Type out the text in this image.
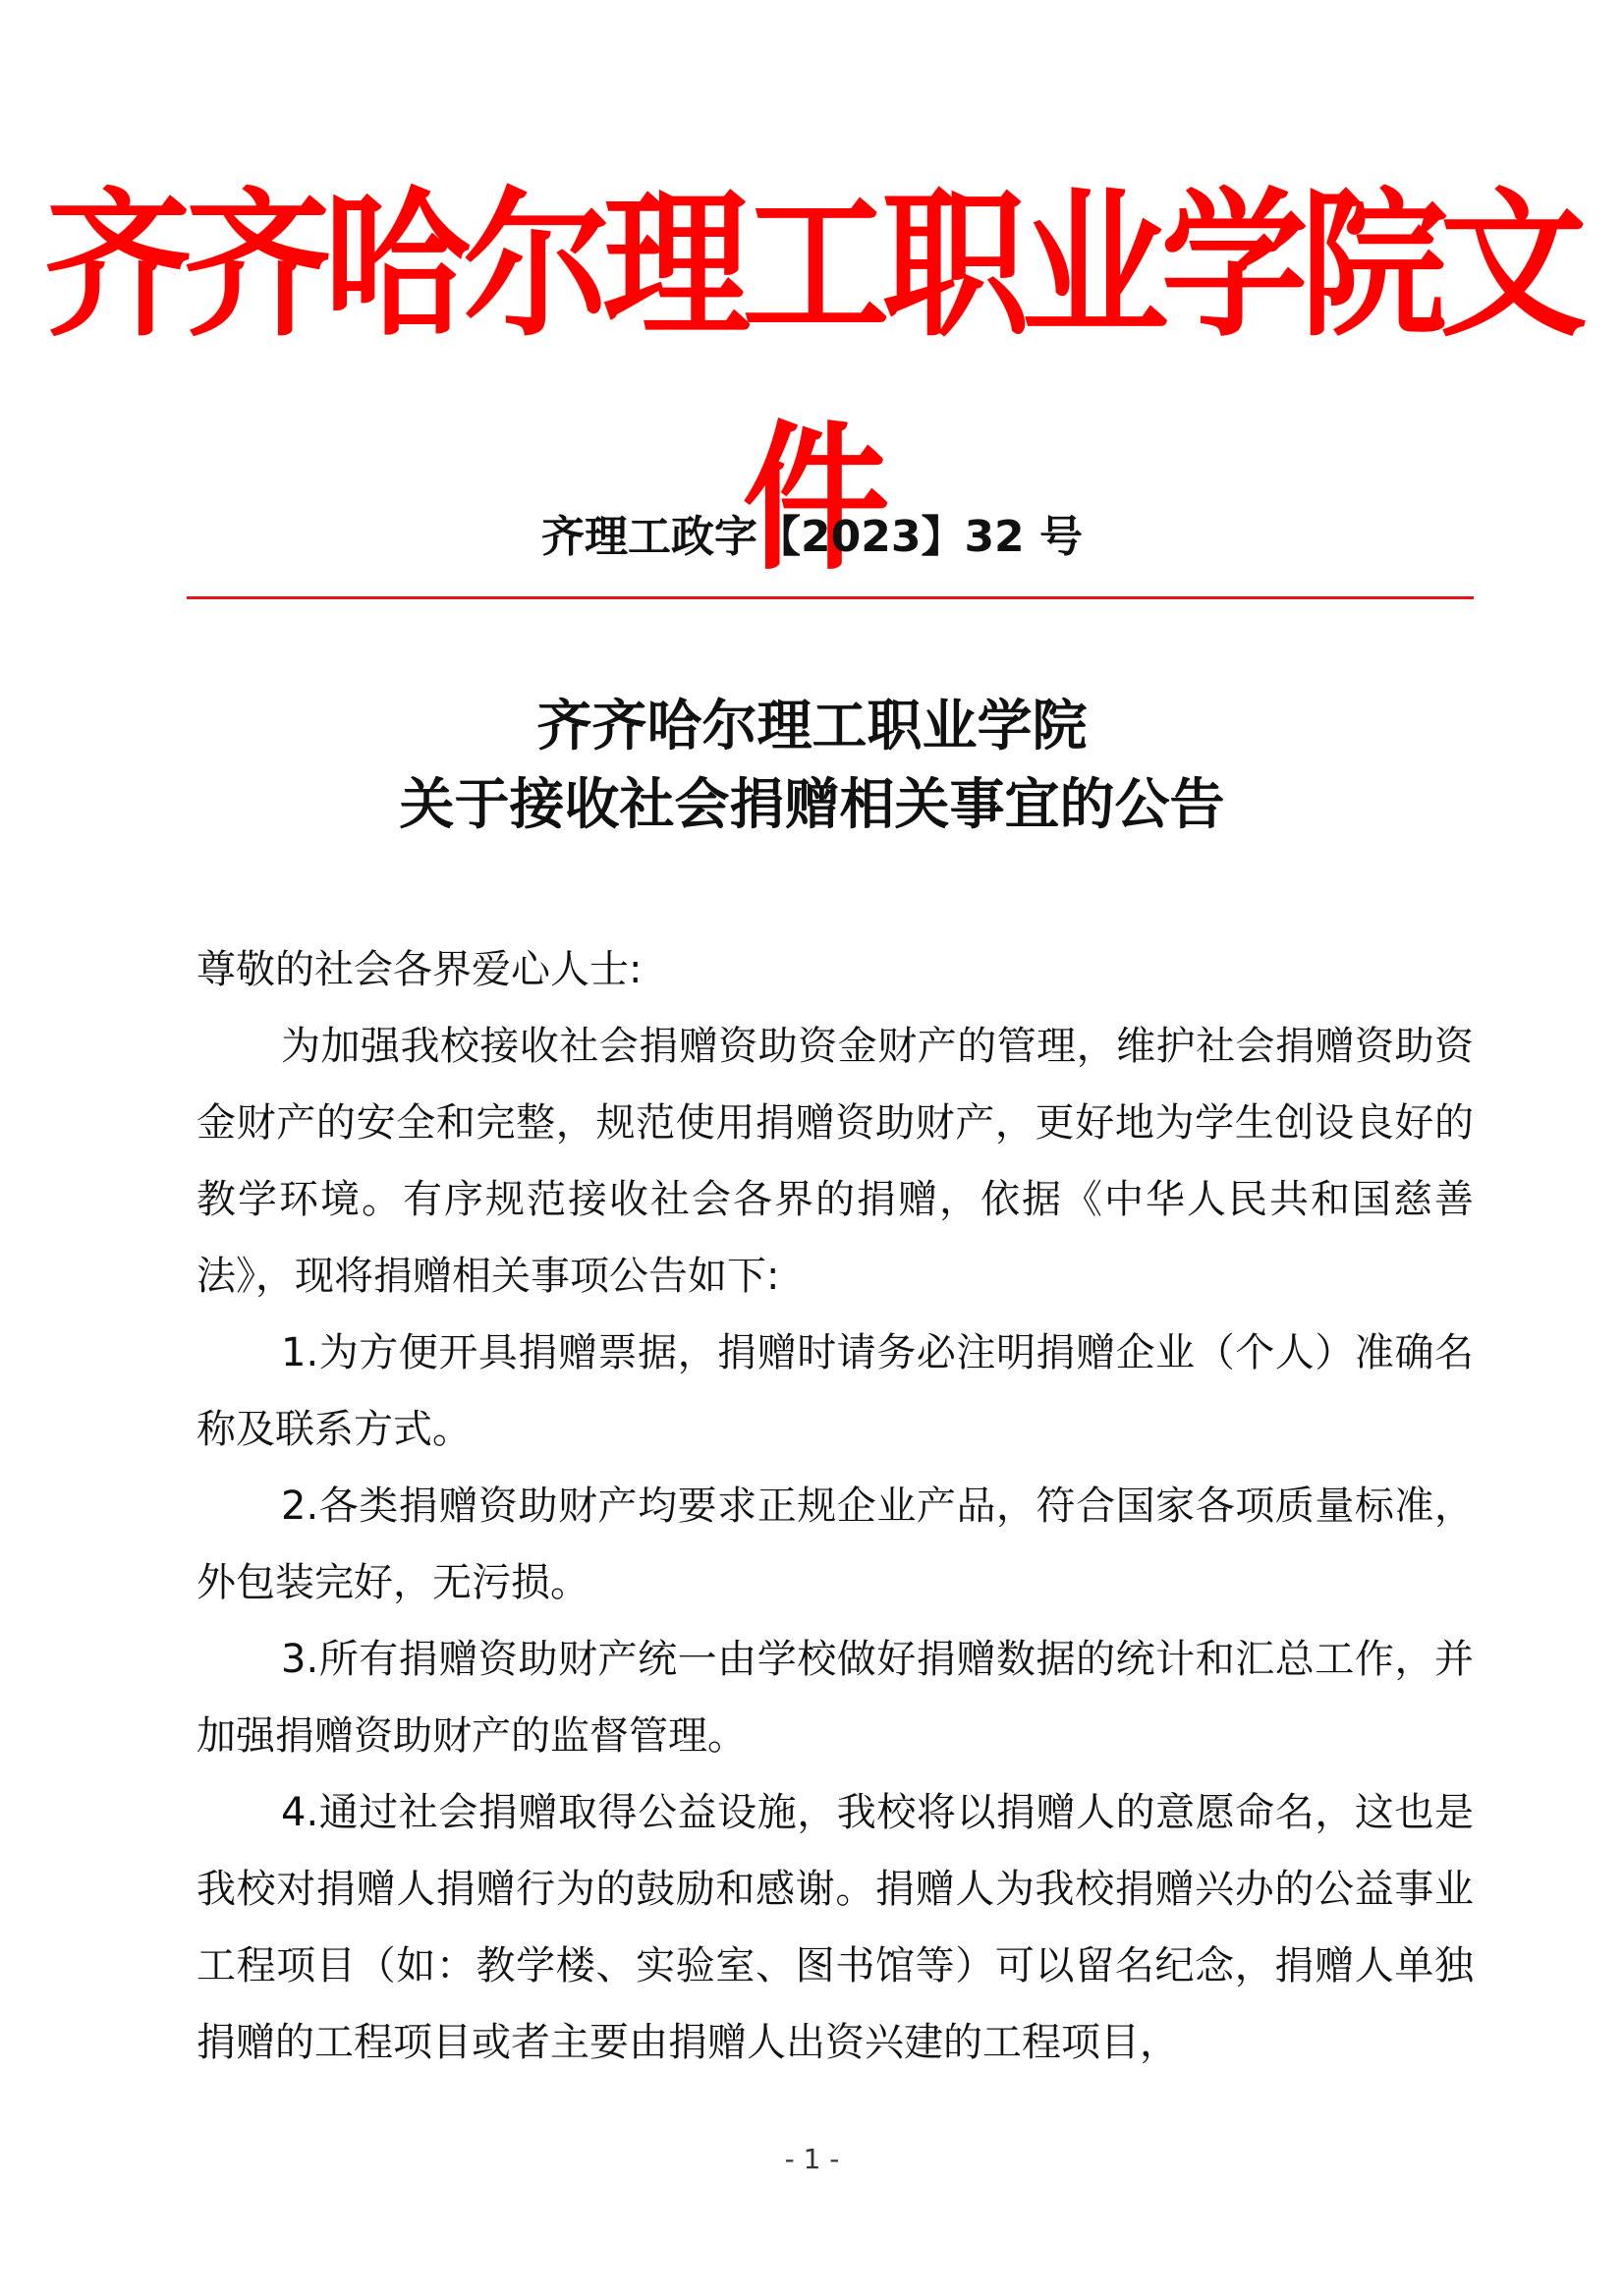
齐齐哈尔理工职业学院文件
齐理工政字【2023】32 号
齐齐哈尔理工职业学院
关于接收社会捐赠相关事宜的公告

尊敬的社会各界爱心人士:

为加强我校接收社会捐赠资助资金财产的管理，维护社会捐赠资助资金财产的安全和完整，规范使用捐赠资助财产，更好地为学生创设良好的教学环境。有序规范接收社会各界的捐赠，依据《中华人民共和国慈善法》，现将捐赠相关事项公告如下:

1.为方便开具捐赠票据，捐赠时请务必注明捐赠企业（个人）准确名称及联系方式。

2.各类捐赠资助财产均要求正规企业产品，符合国家各项质量标准，外包装完好，无污损。

3.所有捐赠资助财产统一由学校做好捐赠数据的统计和汇总工作，并加强捐赠资助财产的监督管理。

4.通过社会捐赠取得公益设施，我校将以捐赠人的意愿命名，这也是我校对捐赠人捐赠行为的鼓励和感谢。捐赠人为我校捐赠兴办的公益事业工程项目（如：教学楼、实验室、图书馆等）可以留名纪念，捐赠人单独捐赠的工程项目或者主要由捐赠人出资兴建的工程项目，

- 1 -
